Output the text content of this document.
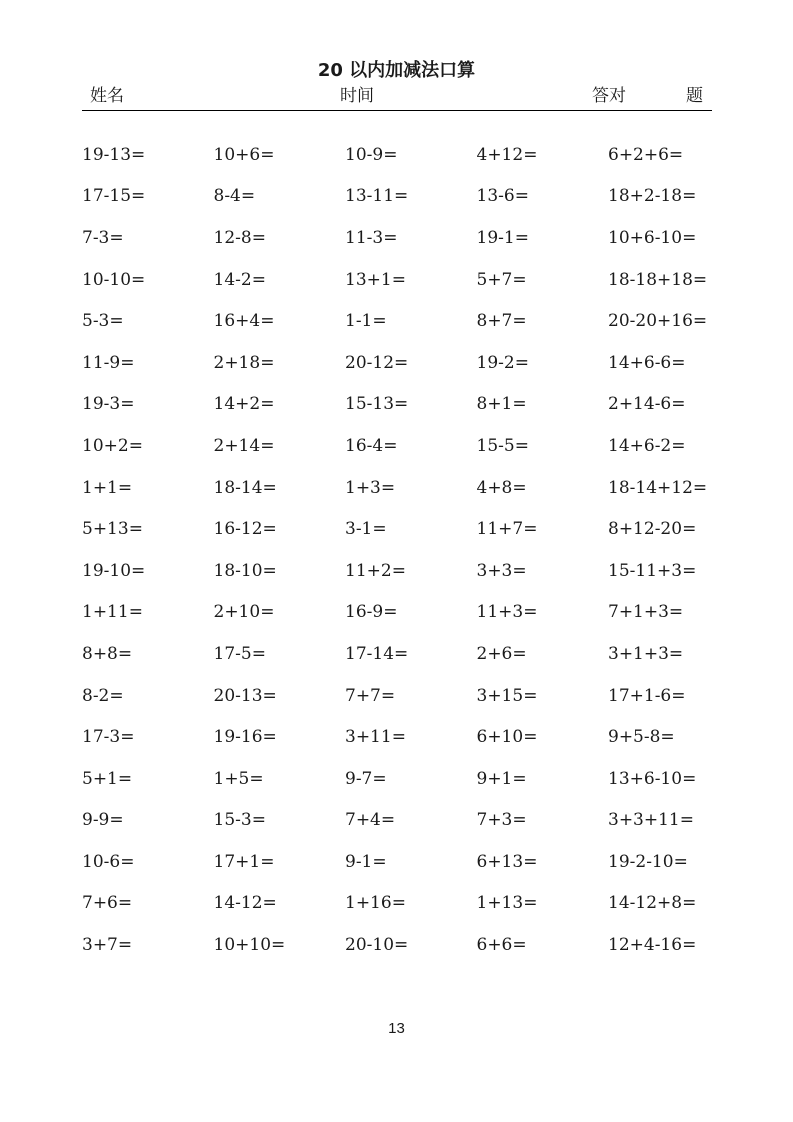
20 以内加减法口算
姓名	时间	答对	题
19-13=	10+6=	10-9=	4+12=	6+2+6=
17-15=	8-4=	13-11=	13-6=	18+2-18=
7-3=	12-8=	11-3=	19-1=	10+6-10=
10-10=	14-2=	13+1=	5+7=	18-18+18=
5-3=	16+4=	1-1=	8+7=	20-20+16=
11-9=	2+18=	20-12=	19-2=	14+6-6=
19-3=	14+2=	15-13=	8+1=	2+14-6=
10+2=	2+14=	16-4=	15-5=	14+6-2=
1+1=	18-14=	1+3=	4+8=	18-14+12=
5+13=	16-12=	3-1=	11+7=	8+12-20=
19-10=	18-10=	11+2=	3+3=	15-11+3=
1+11=	2+10=	16-9=	11+3=	7+1+3=
8+8=	17-5=	17-14=	2+6=	3+1+3=
8-2=	20-13=	7+7=	3+15=	17+1-6=
17-3=	19-16=	3+11=	6+10=	9+5-8=
5+1=	1+5=	9-7=	9+1=	13+6-10=
9-9=	15-3=	7+4=	7+3=	3+3+11=
10-6=	17+1=	9-1=	6+13=	19-2-10=
7+6=	14-12=	1+16=	1+13=	14-12+8=
3+7=	10+10=	20-10=	6+6=	12+4-16=
13
